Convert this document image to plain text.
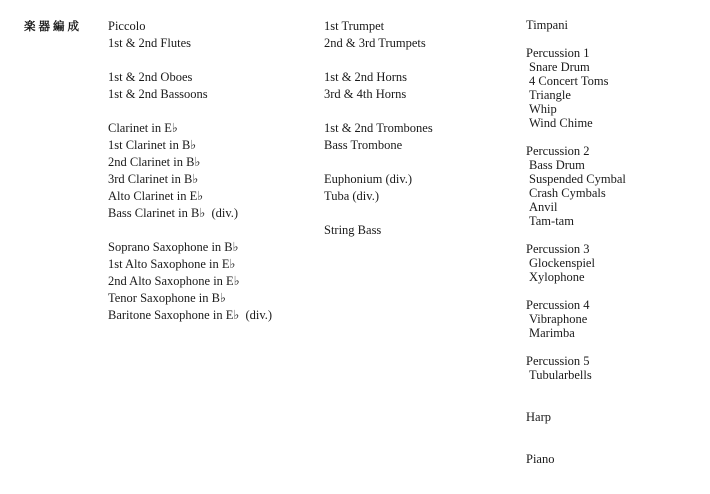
楽器編成 Piccolo
1st & 2nd Flutes
1st & 2nd Oboes
1st & 2nd Bassoons
Clarinet in E♭
1st Clarinet in B♭
2nd Clarinet in B♭
3rd Clarinet in B♭
Alto Clarinet in E♭
Bass Clarinet in B♭  (div.)
Soprano Saxophone in B♭
1st Alto Saxophone in E♭
2nd Alto Saxophone in E♭
Tenor Saxophone in B♭
Baritone Saxophone in E♭  (div.)
1st Trumpet
2nd & 3rd Trumpets
1st & 2nd Horns
3rd & 4th Horns
1st & 2nd Trombones
Bass Trombone
Euphonium (div.)
Tuba (div.)
String Bass
Timpani
Percussion 1
Snare Drum
4 Concert Toms
Triangle
Whip
Wind Chime
Percussion 2
Bass Drum
Suspended Cymbal
Crash Cymbals
Anvil
Tam-tam
Percussion 3
Glockenspiel
Xylophone
Percussion 4
Vibraphone
Marimba
Percussion 5
Tubularbells
Harp
Piano
